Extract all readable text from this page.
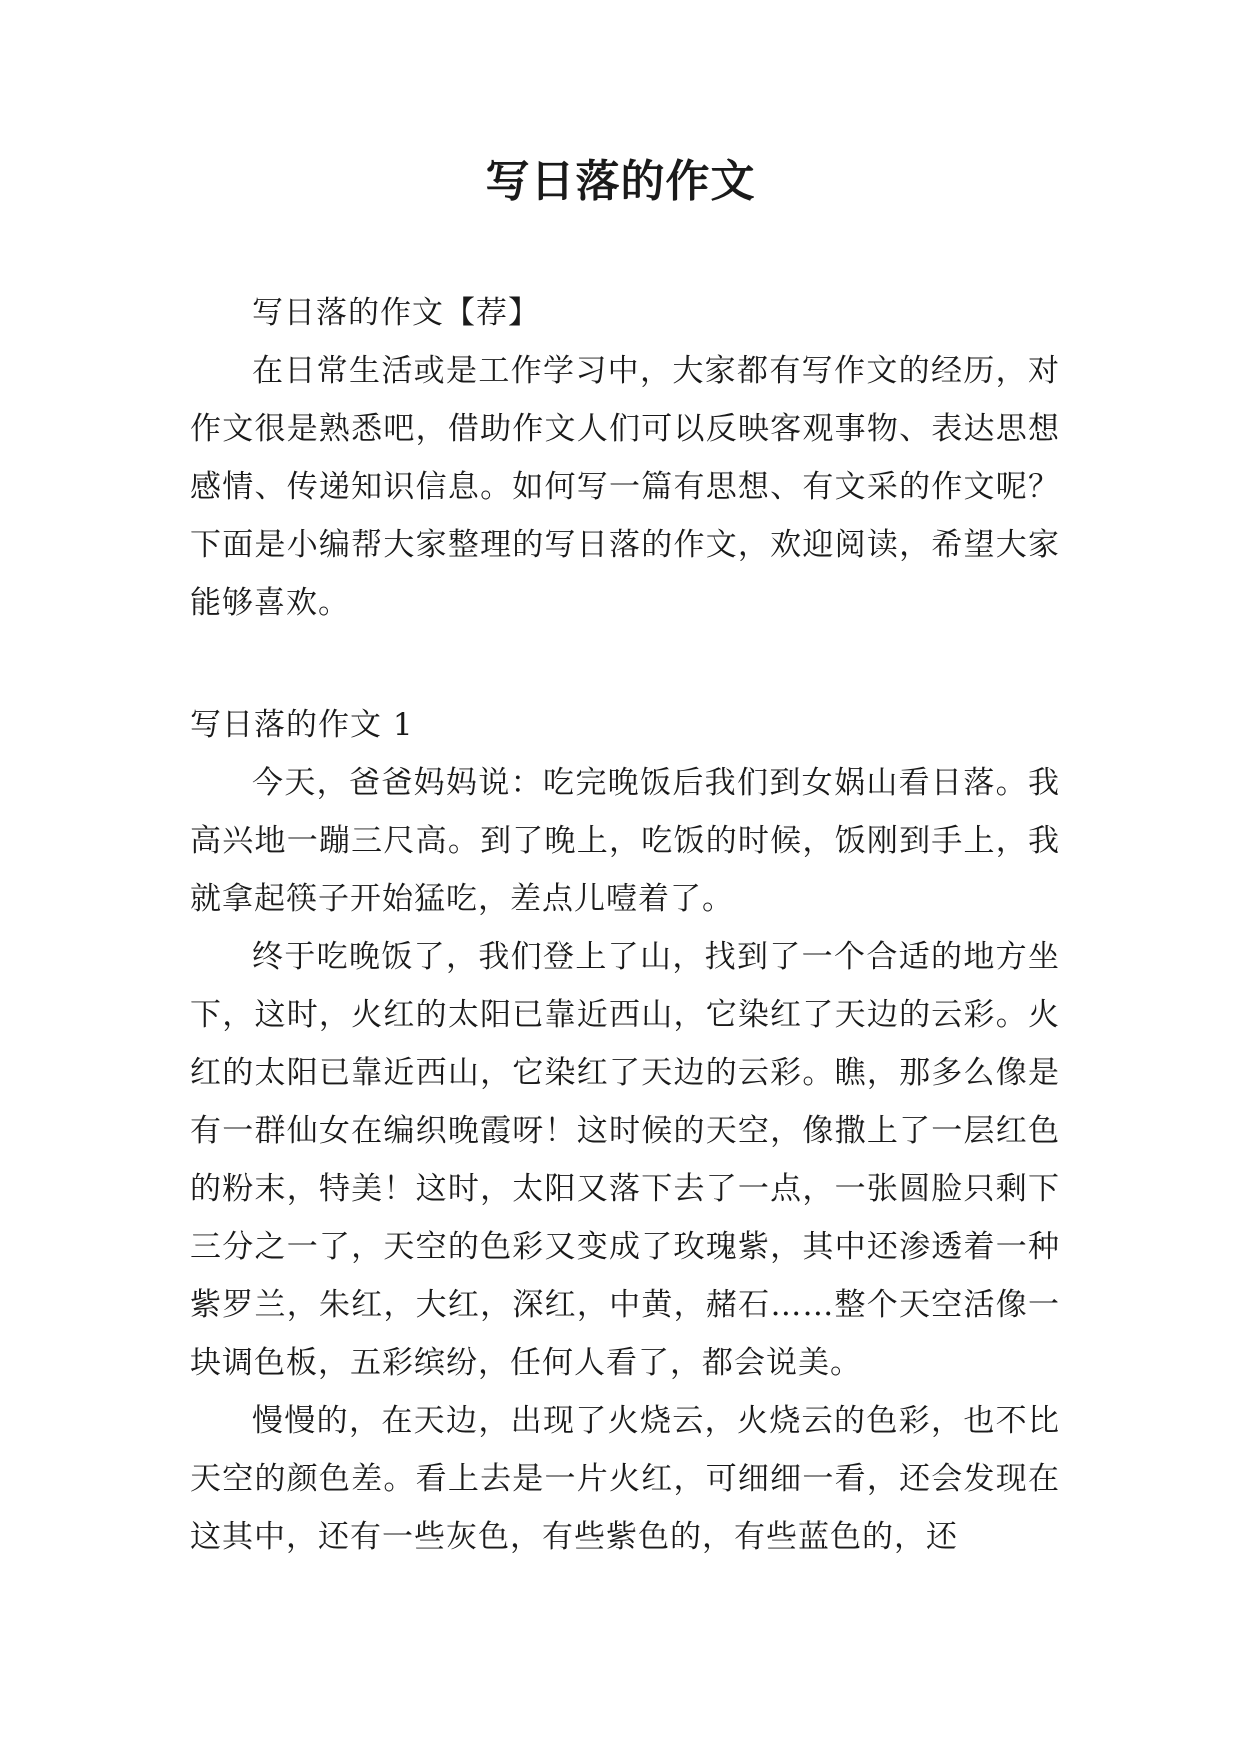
写日落的作文

写日落的作文【荐】

在日常生活或是工作学习中，大家都有写作文的经历，对作文很是熟悉吧，借助作文人们可以反映客观事物、表达思想感情、传递知识信息。如何写一篇有思想、有文采的作文呢？下面是小编帮大家整理的写日落的作文，欢迎阅读，希望大家能够喜欢。

写日落的作文 1

今天，爸爸妈妈说：吃完晚饭后我们到女娲山看日落。我高兴地一蹦三尺高。到了晚上，吃饭的时候，饭刚到手上，我就拿起筷子开始猛吃，差点儿噎着了。

终于吃晚饭了，我们登上了山，找到了一个合适的地方坐下，这时，火红的太阳已靠近西山，它染红了天边的云彩。火红的太阳已靠近西山，它染红了天边的云彩。瞧，那多么像是有一群仙女在编织晚霞呀！这时候的天空，像撒上了一层红色的粉末，特美！这时，太阳又落下去了一点，一张圆脸只剩下三分之一了，天空的色彩又变成了玫瑰紫，其中还渗透着一种紫罗兰，朱红，大红，深红，中黄，赭石……整个天空活像一块调色板，五彩缤纷，任何人看了，都会说美。

慢慢的，在天边，出现了火烧云，火烧云的色彩，也不比天空的颜色差。看上去是一片火红，可细细一看，还会发现在这其中，还有一些灰色，有些紫色的，有些蓝色的，还
